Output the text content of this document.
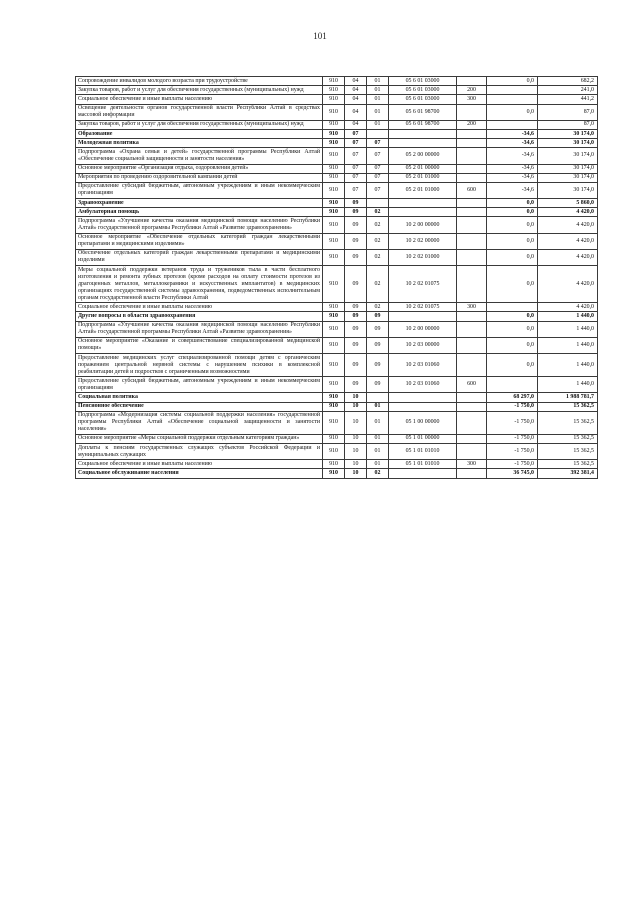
101
Сопровождение инвалидов молодого возраста при трудоустройстве	910	04	01	05 6 01 03000		0,0	682,2
Закупка товаров, работ и услуг для обеспечения государственных (муниципальных) нужд	910	04	01	05 6 01 03000	200		241,0
Социальное обеспечение и иные выплаты населению	910	04	01	05 6 01 03000	300		441,2
Освещение деятельности органов государственной власти Республики Алтай в средствах массовой информации	910	04	01	05 6 01 98700		0,0	87,0
Закупка товаров, работ и услуг для обеспечения государственных (муниципальных) нужд	910	04	01	05 6 01 98700	200		87,0
Образование	910	07				-34,6	30 174,0
Молодежная политика	910	07	07			-34,6	30 174,0
Подпрограмма «Охрана семьи и детей» государственной программы Республики Алтай «Обеспечение социальной защищенности и занятости населения»	910	07	07	05 2 00 00000		-34,6	30 174,0
Основное мероприятие «Организация отдыха, оздоровления детей»	910	07	07	05 2 01 00000		-34,6	30 174,0
Мероприятия по проведению оздоровительной кампании детей	910	07	07	05 2 01 01000		-34,6	30 174,0
Предоставление субсидий бюджетным, автономным учреждениям и иным некоммерческим организациям	910	07	07	05 2 01 01000	600	-34,6	30 174,0
Здравоохранение	910	09				0,0	5 860,0
Амбулаторная помощь	910	09	02			0,0	4 420,0
Подпрограмма «Улучшение качества оказания медицинской помощи населению Республики Алтай» государственной программы Республики Алтай «Развитие здравоохранения»	910	09	02	10 2 00 00000		0,0	4 420,0
Основное мероприятие «Обеспечение отдельных категорий граждан лекарственными препаратами и медицинскими изделиями»	910	09	02	10 2 02 00000		0,0	4 420,0
Обеспечение отдельных категорий граждан лекарственными препаратами и медицинскими изделиями	910	09	02	10 2 02 01000		0,0	4 420,0
Меры социальной поддержки ветеранов труда и тружеников тыла в части бесплатного изготовления и ремонта зубных протезов (кроме расходов на оплату стоимости протезов из драгоценных металлов, металлокерамики и искусственных имплантатов) в медицинских организациях государственной системы здравоохранения, подведомственных исполнительным органам государственной власти Республики Алтай	910	09	02	10 2 02 01075		0,0	4 420,0
Социальное обеспечение и иные выплаты населению	910	09	02	10 2 02 01075	300		4 420,0
Другие вопросы в области здравоохранения	910	09	09			0,0	1 440,0
Подпрограмма «Улучшение качества оказания медицинской помощи населению Республики Алтай» государственной программы Республики Алтай «Развитие здравоохранения»	910	09	09	10 2 00 00000		0,0	1 440,0
Основное мероприятие «Оказание и совершенствование специализированной медицинской помощи»	910	09	09	10 2 03 00000		0,0	1 440,0
Предоставление медицинских услуг специализированной помощи детям с органическим поражением центральной нервной системы с нарушением психики в комплексной реабилитации детей и подростков с ограниченными возможностями	910	09	09	10 2 03 01060		0,0	1 440,0
Предоставление субсидий бюджетным, автономным учреждениям и иным некоммерческим организациям	910	09	09	10 2 03 01060	600		1 440,0
Социальная политика	910	10				68 297,0	1 988 781,7
Пенсионное обеспечение	910	10	01			-1 750,0	15 362,5
Подпрограмма «Модернизация системы социальной поддержки населения» государственной программы Республики Алтай «Обеспечение социальной защищенности и занятости населения»	910	10	01	05 1 00 00000		-1 750,0	15 362,5
Основное мероприятие «Меры социальной поддержки отдельным категориям граждан»	910	10	01	05 1 01 00000		-1 750,0	15 362,5
Доплаты к пенсиям государственных служащих субъектов Российской Федерации и муниципальных служащих	910	10	01	05 1 01 01010		-1 750,0	15 362,5
Социальное обеспечение и иные выплаты населению	910	10	01	05 1 01 01010	300	-1 750,0	15 362,5
Социальное обслуживание населения	910	10	02			36 745,0	392 381,4
